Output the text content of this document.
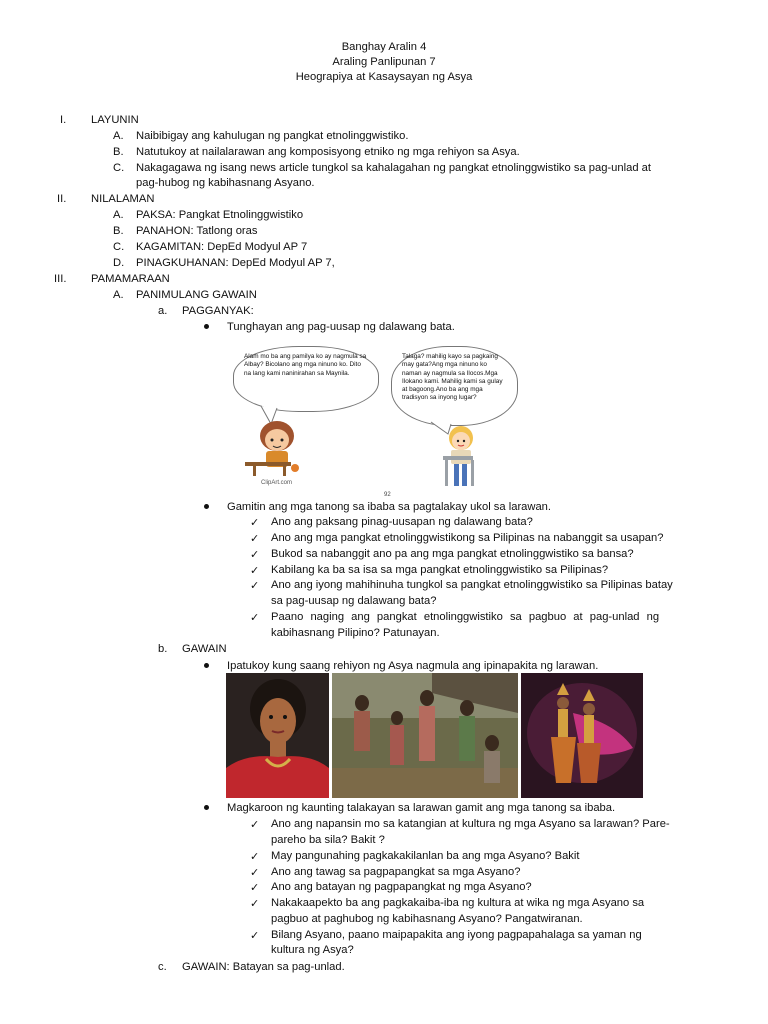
Banghay Aralin 4
Araling Panlipunan 7
Heograpiya at Kasaysayan ng Asya
I. LAYUNIN
A. Naibibigay ang kahulugan ng pangkat etnolinggwistiko.
B. Natutukoy at nailalarawan ang komposisyong etniko ng mga rehiyon sa Asya.
C. Nakagagawa ng isang news article tungkol sa kahalagahan ng pangkat etnolinggwistiko sa pag-unlad at
pag-hubog ng kabihasnang Asyano.
II. NILALAMAN
A. PAKSA: Pangkat Etnolinggwistiko
B. PANAHON: Tatlong oras
C. KAGAMITAN: DepEd Modyul AP 7
D. PINAGKUHANAN: DepEd Modyul AP 7,
III. PAMAMARAAN
A. PANIMULANG GAWAIN
a. PAGGANYAK:
Tunghayan ang pag-uusap ng dalawang bata.
Alam mo ba ang pamilya ko ay nagmula sa Albay? Bicolano ang mga ninuno ko. Dito na lang kami naninirahan sa Maynila.
Talaga? mahilig kayo sa pagkaing may gata?Ang mga ninuno ko naman ay nagmula sa Ilocos.Mga Ilokano kami. Mahilig kami sa gulay at bagoong.Ano ba ang mga tradisyon sa inyong lugar?
ClipArt.com
92
Gamitin ang mga tanong sa ibaba sa pagtalakay ukol sa larawan.
✓ Ano ang paksang pinag-uusapan ng dalawang bata?
✓ Ano ang mga pangkat etnolinggwistikong sa Pilipinas na nabanggit sa usapan?
✓ Bukod sa nabanggit ano pa ang mga pangkat etnolinggwistiko sa bansa?
✓ Kabilang ka ba sa isa sa mga pangkat etnolinggwistiko sa Pilipinas?
✓ Ano ang iyong mahihinuha tungkol sa pangkat etnolinggwistiko sa Pilipinas batay
sa pag-uusap ng dalawang bata?
✓ Paano naging ang pangkat etnolinggwistiko sa pagbuo at pag-unlad ng
kabihasnang Pilipino? Patunayan.
b. GAWAIN
Ipatukoy kung saang rehiyon ng Asya nagmula ang ipinapakita ng larawan.
Magkaroon ng kaunting talakayan sa larawan gamit ang mga tanong sa ibaba.
✓ Ano ang napansin mo sa katangian at kultura ng mga Asyano sa larawan? Pare-
pareho ba sila? Bakit ?
✓ May pangunahing pagkakakilanlan ba ang mga Asyano? Bakit
✓ Ano ang tawag sa pagpapangkat sa mga Asyano?
✓ Ano ang batayan ng pagpapangkat ng mga Asyano?
✓ Nakakaapekto ba ang pagkakaiba-iba ng kultura at wika ng mga Asyano sa
pagbuo at paghubog ng kabihasnang Asyano? Pangatwiranan.
✓ Bilang Asyano, paano maipapakita ang iyong pagpapahalaga sa yaman ng
kultura ng Asya?
c. GAWAIN: Batayan sa pag-unlad.
